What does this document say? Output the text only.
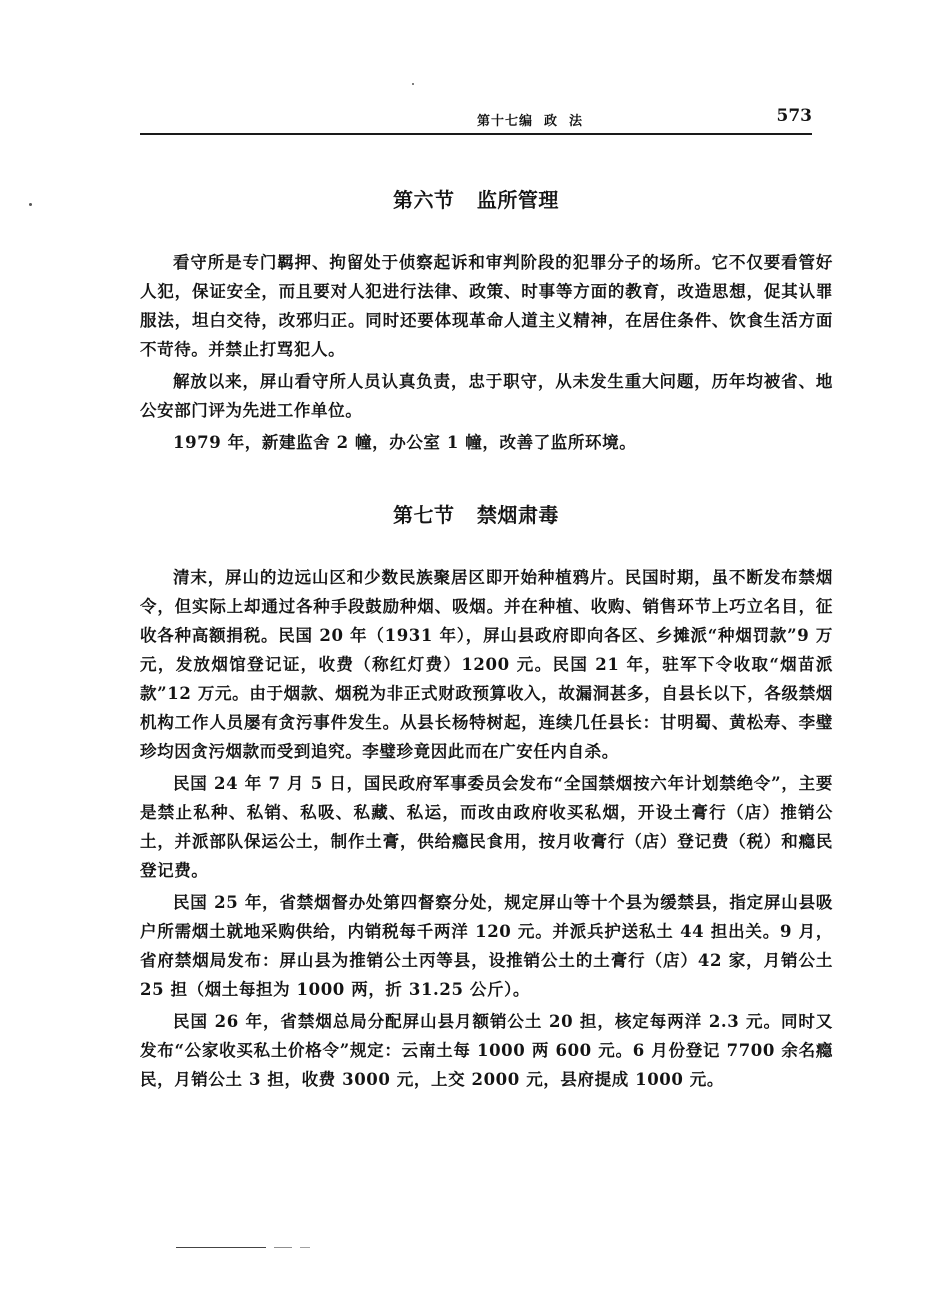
第十七编  政  法	573
第六节   监所管理

看守所是专门羁押、拘留处于侦察起诉和审判阶段的犯罪分子的场所。它不仅要看管好人犯，保证安全，而且要对人犯进行法律、政策、时事等方面的教育，改造思想，促其认罪服法，坦白交待，改邪归正。同时还要体现革命人道主义精神，在居住条件、饮食生活方面不苛待。并禁止打骂犯人。

解放以来，屏山看守所人员认真负责，忠于职守，从未发生重大问题，历年均被省、地公安部门评为先进工作单位。

1979 年，新建监舍 2 幢，办公室 1 幢，改善了监所环境。

第七节   禁烟肃毒

清末，屏山的边远山区和少数民族聚居区即开始种植鸦片。民国时期，虽不断发布禁烟令，但实际上却通过各种手段鼓励种烟、吸烟。并在种植、收购、销售环节上巧立名目，征收各种高额捐税。民国 20 年（1931 年），屏山县政府即向各区、乡摊派“种烟罚款”9 万元，发放烟馆登记证，收费（称红灯费）1200 元。民国 21 年，驻军下令收取“烟苗派款”12 万元。由于烟款、烟税为非正式财政预算收入，故漏洞甚多，自县长以下，各级禁烟机构工作人员屡有贪污事件发生。从县长杨特树起，连续几任县长：甘明蜀、黄松寿、李璧珍均因贪污烟款而受到追究。李璧珍竟因此而在广安任内自杀。

民国 24 年 7 月 5 日，国民政府军事委员会发布“全国禁烟按六年计划禁绝令”，主要是禁止私种、私销、私吸、私藏、私运，而改由政府收买私烟，开设土膏行（店）推销公土，并派部队保运公土，制作土膏，供给瘾民食用，按月收膏行（店）登记费（税）和瘾民登记费。

民国 25 年，省禁烟督办处第四督察分处，规定屏山等十个县为缓禁县，指定屏山县吸户所需烟土就地采购供给，内销税每千两洋 120 元。并派兵护送私土 44 担出关。9 月，省府禁烟局发布：屏山县为推销公土丙等县，设推销公土的土膏行（店）42 家，月销公土 25 担（烟土每担为 1000 两，折 31.25 公斤）。

民国 26 年，省禁烟总局分配屏山县月额销公土 20 担，核定每两洋 2.3 元。同时又发布“公家收买私土价格令”规定：云南土每 1000 两 600 元。6 月份登记 7700 余名瘾民，月销公土 3 担，收费 3000 元，上交 2000 元，县府提成 1000 元。
